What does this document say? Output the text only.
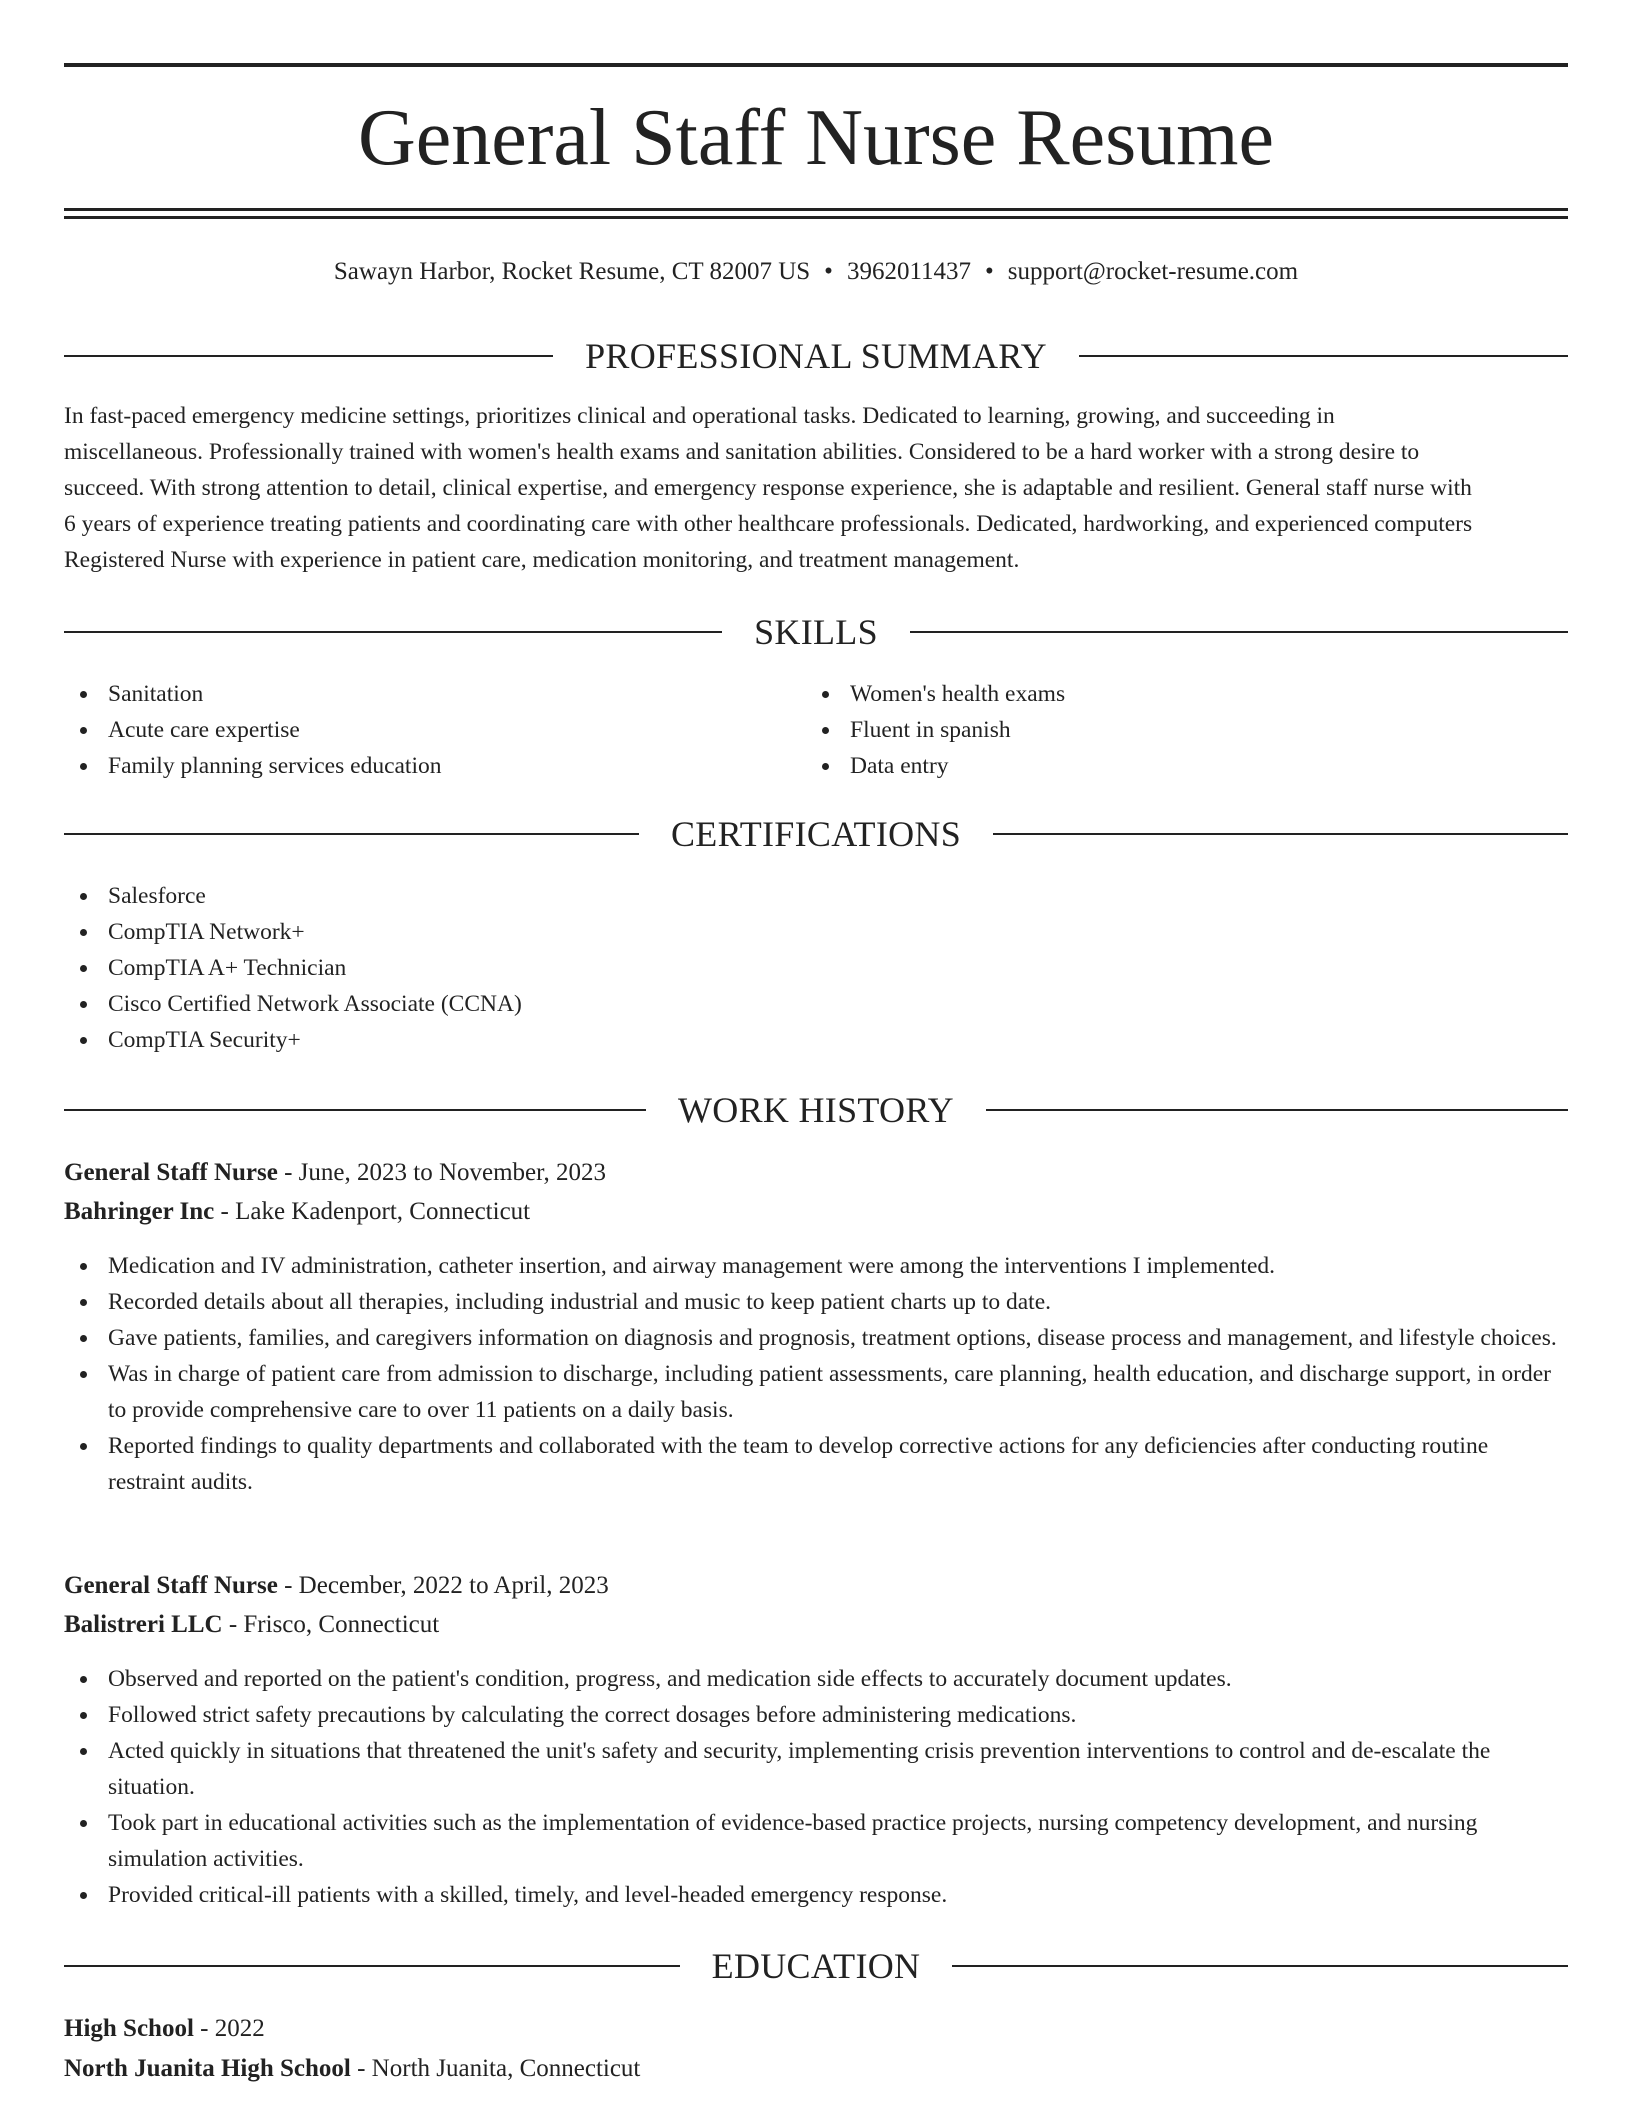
General Staff Nurse Resume
Sawayn Harbor, Rocket Resume, CT 82007 US • 3962011437 • support@rocket-resume.com
PROFESSIONAL SUMMARY
In fast-paced emergency medicine settings, prioritizes clinical and operational tasks. Dedicated to learning, growing, and succeeding in
miscellaneous. Professionally trained with women's health exams and sanitation abilities. Considered to be a hard worker with a strong desire to
succeed. With strong attention to detail, clinical expertise, and emergency response experience, she is adaptable and resilient. General staff nurse with
6 years of experience treating patients and coordinating care with other healthcare professionals. Dedicated, hardworking, and experienced computers
Registered Nurse with experience in patient care, medication monitoring, and treatment management.
SKILLS
Sanitation
Acute care expertise
Family planning services education
Women's health exams
Fluent in spanish
Data entry
CERTIFICATIONS
Salesforce
CompTIA Network+
CompTIA A+ Technician
Cisco Certified Network Associate (CCNA)
CompTIA Security+
WORK HISTORY
General Staff Nurse - June, 2023 to November, 2023
Bahringer Inc - Lake Kadenport, Connecticut
Medication and IV administration, catheter insertion, and airway management were among the interventions I implemented.
Recorded details about all therapies, including industrial and music to keep patient charts up to date.
Gave patients, families, and caregivers information on diagnosis and prognosis, treatment options, disease process and management, and lifestyle choices.
Was in charge of patient care from admission to discharge, including patient assessments, care planning, health education, and discharge support, in order to provide comprehensive care to over 11 patients on a daily basis.
Reported findings to quality departments and collaborated with the team to develop corrective actions for any deficiencies after conducting routine restraint audits.
General Staff Nurse - December, 2022 to April, 2023
Balistreri LLC - Frisco, Connecticut
Observed and reported on the patient's condition, progress, and medication side effects to accurately document updates.
Followed strict safety precautions by calculating the correct dosages before administering medications.
Acted quickly in situations that threatened the unit's safety and security, implementing crisis prevention interventions to control and de-escalate the situation.
Took part in educational activities such as the implementation of evidence-based practice projects, nursing competency development, and nursing simulation activities.
Provided critical-ill patients with a skilled, timely, and level-headed emergency response.
EDUCATION
High School - 2022
North Juanita High School - North Juanita, Connecticut
